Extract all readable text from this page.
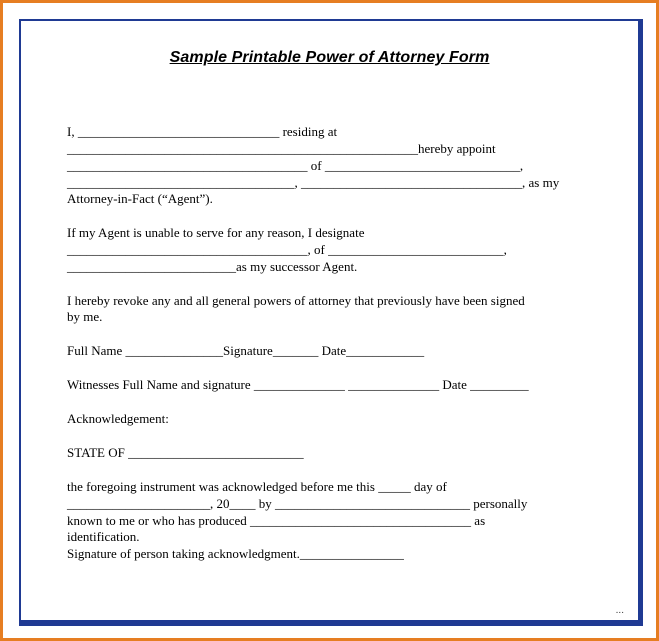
Sample Printable Power of Attorney Form
I, _______________________________ residing at
______________________________________________________hereby appoint
_____________________________________ of ______________________________,
___________________________________, __________________________________, as my
Attorney-in-Fact (“Agent”).
If my Agent is unable to serve for any reason, I designate
_____________________________________, of ___________________________,
__________________________as my successor Agent.
I hereby revoke any and all general powers of attorney that previously have been signed
by me.
Full Name _______________Signature_______ Date____________
Witnesses Full Name and signature ______________ ______________ Date _________
Acknowledgement:
STATE OF ___________________________
the foregoing instrument was acknowledged before me this _____ day of
______________________, 20____ by ______________________________ personally
known to me or who has produced __________________________________ as
identification.
Signature of person taking acknowledgment.________________
...
